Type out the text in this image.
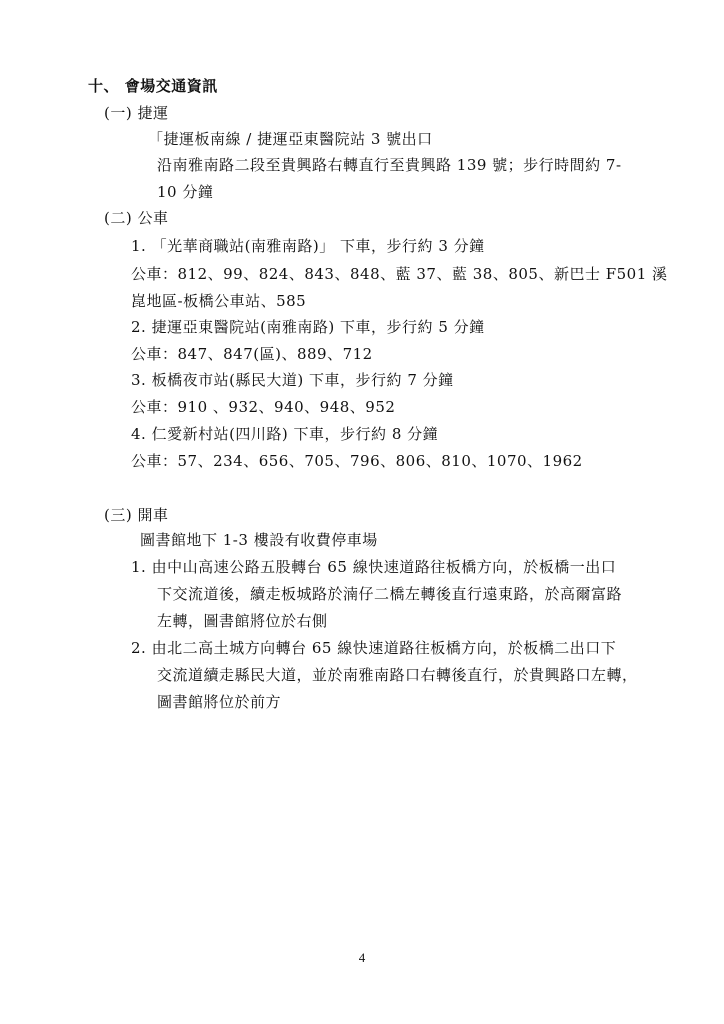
十、 會場交通資訊
(一) 捷運
「捷運板南線 / 捷運亞東醫院站 3 號出口
沿南雅南路二段至貴興路右轉直行至貴興路 139 號；步行時間約 7-
10 分鐘
(二) 公車
1. 「光華商職站(南雅南路)」 下車，步行約 3 分鐘
公車：812、99、824、843、848、藍 37、藍 38、805、新巴士 F501 溪
崑地區-板橋公車站、585
2. 捷運亞東醫院站(南雅南路) 下車，步行約 5 分鐘
公車：847、847(區)、889、712
3. 板橋夜市站(縣民大道) 下車，步行約 7 分鐘
公車：910 、932、940、948、952
4. 仁愛新村站(四川路) 下車，步行約 8 分鐘
公車：57、234、656、705、796、806、810、1070、1962
(三) 開車
圖書館地下 1-3 樓設有收費停車場
1. 由中山高速公路五股轉台 65 線快速道路往板橋方向，於板橋一出口
下交流道後，續走板城路於湳仔二橋左轉後直行遠東路，於高爾富路
左轉，圖書館將位於右側
2. 由北二高土城方向轉台 65 線快速道路往板橋方向，於板橋二出口下
交流道續走縣民大道，並於南雅南路口右轉後直行，於貴興路口左轉，
圖書館將位於前方
4
